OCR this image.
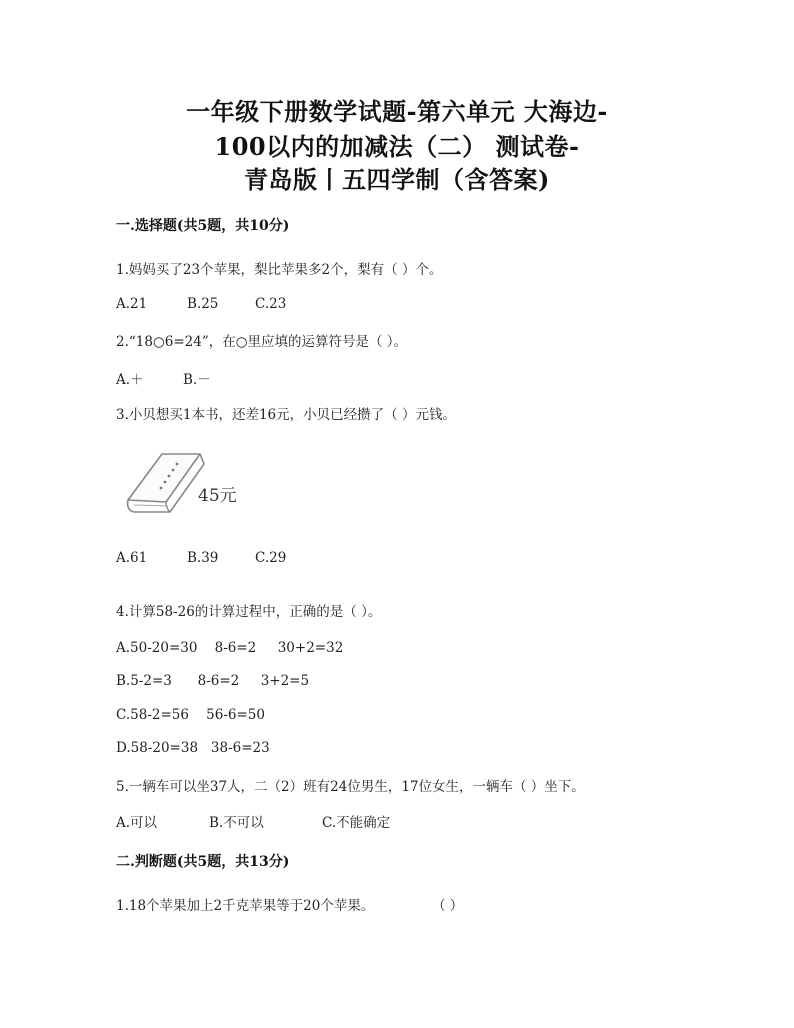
一年级下册数学试题-第六单元 大海边-
100以内的加减法（二） 测试卷-
青岛版丨五四学制（含答案)
一.选择题(共5题，共10分)
1.妈妈买了23个苹果，梨比苹果多2个，梨有（ ）个。
A.21	B.25	C.23
2.“18○6=24”，在○里应填的运算符号是（ ）。
A.＋	B.－
3.小贝想买1本书，还差16元，小贝已经攒了（ ）元钱。
45元
A.61	B.39	C.29
4.计算58-26的计算过程中，正确的是（ ）。
A.50-20=30    8-6=2     30+2=32
B.5-2=3      8-6=2     3+2=5
C.58-2=56    56-6=50
D.58-20=38   38-6=23
5.一辆车可以坐37人，二（2）班有24位男生，17位女生，一辆车（ ）坐下。
A.可以	B.不可以	C.不能确定
二.判断题(共5题，共13分)
1.18个苹果加上2千克苹果等于20个苹果。	（ ）
